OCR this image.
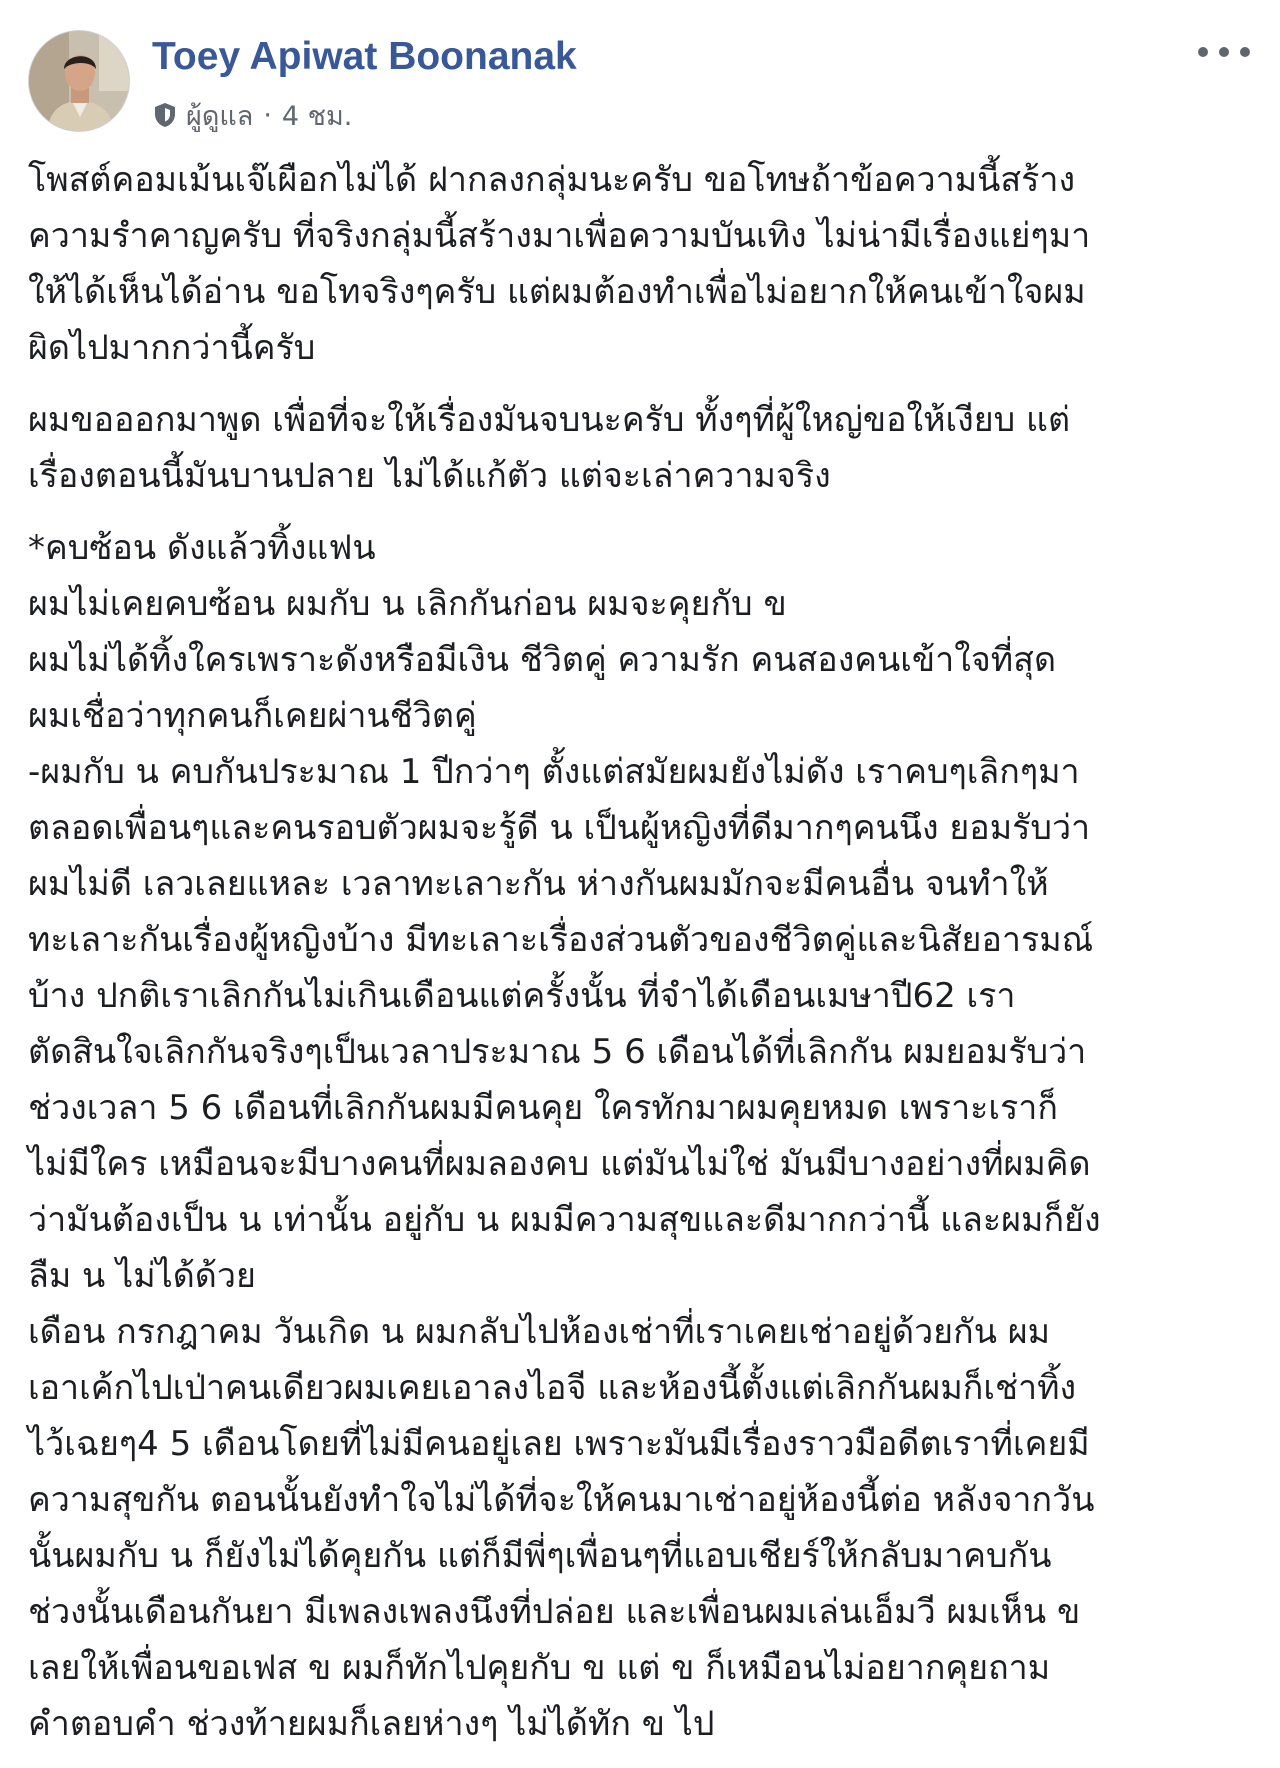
Toey Apiwat Boonanak
ผู้ดูแล · 4 ชม.

โพสต์คอมเม้นเจ๊เผือกไม่ได้ ฝากลงกลุ่มนะครับ ขอโทษถ้าข้อความนี้สร้าง
ความรำคาญครับ ที่จริงกลุ่มนี้สร้างมาเพื่อความบันเทิง ไม่น่ามีเรื่องแย่ๆมา
ให้ได้เห็นได้อ่าน ขอโทจริงๆครับ แต่ผมต้องทำเพื่อไม่อยากให้คนเข้าใจผม
ผิดไปมากกว่านี้ครับ

ผมขอออกมาพูด เพื่อที่จะให้เรื่องมันจบนะครับ ทั้งๆที่ผู้ใหญ่ขอให้เงียบ แต่
เรื่องตอนนี้มันบานปลาย ไม่ได้แก้ตัว แต่จะเล่าความจริง

*คบซ้อน ดังแล้วทิ้งแฟน
ผมไม่เคยคบซ้อน ผมกับ น เลิกกันก่อน ผมจะคุยกับ ข
ผมไม่ได้ทิ้งใครเพราะดังหรือมีเงิน ชีวิตคู่ ความรัก คนสองคนเข้าใจที่สุด
ผมเชื่อว่าทุกคนก็เคยผ่านชีวิตคู่
-ผมกับ น คบกันประมาณ 1 ปีกว่าๆ ตั้งแต่สมัยผมยังไม่ดัง เราคบๆเลิกๆมา
ตลอดเพื่อนๆและคนรอบตัวผมจะรู้ดี น เป็นผู้หญิงที่ดีมากๆคนนึง ยอมรับว่า
ผมไม่ดี เลวเลยแหละ เวลาทะเลาะกัน ห่างกันผมมักจะมีคนอื่น จนทำให้
ทะเลาะกันเรื่องผู้หญิงบ้าง มีทะเลาะเรื่องส่วนตัวของชีวิตคู่และนิสัยอารมณ์
บ้าง ปกติเราเลิกกันไม่เกินเดือนแต่ครั้งนั้น ที่จำได้เดือนเมษาปี62 เรา
ตัดสินใจเลิกกันจริงๆเป็นเวลาประมาณ 5 6 เดือนได้ที่เลิกกัน ผมยอมรับว่า
ช่วงเวลา 5 6 เดือนที่เลิกกันผมมีคนคุย ใครทักมาผมคุยหมด เพราะเราก็
ไม่มีใคร เหมือนจะมีบางคนที่ผมลองคบ แต่มันไม่ใช่ มันมีบางอย่างที่ผมคิด
ว่ามันต้องเป็น น เท่านั้น อยู่กับ น ผมมีความสุขและดีมากกว่านี้ และผมก็ยัง
ลืม น ไม่ได้ด้วย
เดือน กรกฎาคม วันเกิด น ผมกลับไปห้องเช่าที่เราเคยเช่าอยู่ด้วยกัน ผม
เอาเค้กไปเป่าคนเดียวผมเคยเอาลงไอจี และห้องนี้ตั้งแต่เลิกกันผมก็เช่าทิ้ง
ไว้เฉยๆ4 5 เดือนโดยที่ไม่มีคนอยู่เลย เพราะมันมีเรื่องราวมือดีตเราที่เคยมี
ความสุขกัน ตอนนั้นยังทำใจไม่ได้ที่จะให้คนมาเช่าอยู่ห้องนี้ต่อ หลังจากวัน
นั้นผมกับ น ก็ยังไม่ได้คุยกัน แต่ก็มีพี่ๆเพื่อนๆที่แอบเชียร์ให้กลับมาคบกัน
ช่วงนั้นเดือนกันยา มีเพลงเพลงนึงที่ปล่อย และเพื่อนผมเล่นเอ็มวี ผมเห็น ข
เลยให้เพื่อนขอเฟส ข ผมก็ทักไปคุยกับ ข แต่ ข ก็เหมือนไม่อยากคุยถาม
คำตอบคำ ช่วงท้ายผมก็เลยห่างๆ ไม่ได้ทัก ข ไป
